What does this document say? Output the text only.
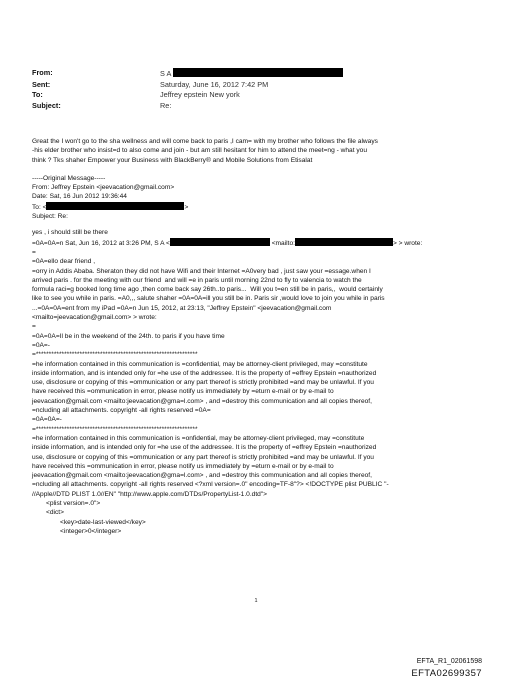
From:	S A
Sent:	Saturday, June 16, 2012 7:42 PM
To:	Jeffrey epstein New york
Subject:	Re:

Great the I won't go to the sha wellness and will come back to paris ,I cam= with my brother who follows the file always

-his elder brother who insist=d to also come and join - but am still hesitant for him to attend the meet=ng - what you

think ? Tks shaher Empower your Business with BlackBerry® and Mobile Solutions from Etisalat

-----Original Message-----

From: Jeffrey Epstein <jeevacation@gmail.com>

Date: Sat, 16 Jun 2012 19:36:44

To: <	>

Subject: Re:

yes , i should still be there

=0A=0A=n Sat, Jun 16, 2012 at 3:26 PM, S A <	<mailto:	> > wrote:

=

=0A=ello dear friend ,

=orry in Addis Ababa. Sheraton they did not have Wifi and their Internet =A0very bad , just saw your =essage.when I

arrived paris . for the meeting with our friend  and will =e in paris until morning 22nd to fly to valencia to watch the

formula raci=g booked long time ago ,then come back say 26th..to paris...  Will you t=en still be in paris,,  would certainly

like to see you while in paris. =A0,,, salute shaher =0A=0A=ill you still be in. Paris sir ,would love to join you while in paris

...=0A=0A=ent from my iPad =0A=n Jun 15, 2012, at 23:13, "Jeffrey Epstein" <jeevacation@gmail.com

<mailto=jeevacation@gmail.com> > wrote:

=

=0A=0A=Il be in the weekend of the 24th. to paris if you have time

=0A=-

=***************************************************************

=he information contained in this communication is =confidential, may be attorney-client privileged, may =constitute

inside information, and is intended only for =he use of the addressee. It is the property of =effrey Epstein =nauthorized

use, disclosure or copying of this =ommunication or any part thereof is strictly prohibited =and may be unlawful. If you

have received this =ommunication in error, please notify us immediately by =eturn e-mail or by e-mail to

jeevacation@gmail.com <mailto:jeevacation@gma=l.com> , and =destroy this communication and all copies thereof,

=ncluding all attachments. copyright -all rights reserved =0A=

=0A=0A=-

=***************************************************************

=he information contained in this communication is =onfidential, may be attorney-client privileged, may =constitute

inside information, and is intended only for =he use of the addressee. It is the property of =effrey Epstein =nauthorized

use, disclosure or copying of this =ommunication or any part thereof is strictly prohibited =and may be unlawful. If you

have received this =ommunication in error, please notify us immediately by =eturn e-mail or by e-mail to

jeevacation@gmail.com <mailto:jeevacation@gma=l.com> , and =destroy this communication and all copies thereof,

=ncluding all attachments. copyright -all rights reserved <?xml version=.0" encoding=TF-8"?> <!DOCTYPE plist PUBLIC "-

//Apple//DTD PLIST 1.0//EN" "http://www.apple.com/DTDs/PropertyList-1.0.dtd">

<plist version=.0">

<dict>

<key>date-last-viewed</key>

<integer>0</integer>

1
EFTA_R1_02061598
EFTA02699357
